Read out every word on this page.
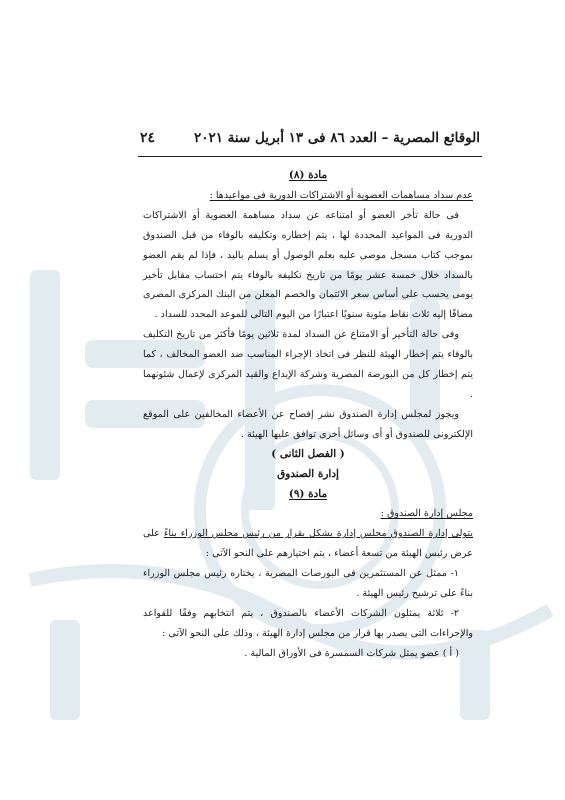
الوقائع المصرية – العدد ٨٦ فى ١٣ أبريل سنة ٢٠٢١
٢٤

مادة (٨)

عدم سداد مساهمات العضوية أو الاشتراكات الدورية فى مواعيدها :

فى حالة تأخر العضو أو امتناعه عن سداد مساهمة العضوية أو الاشتراكات الدورية فى المواعيد المحددة لها ، يتم إخطاره وتكليفه بالوفاء من قبل الصندوق بموجب كتاب مسجل موصى عليه بعلم الوصول أو يسلم باليد ، فإذا لم يقم العضو بالسداد خلال خمسة عشر يومًا من تاريخ تكليفه بالوفاء يتم احتساب مقابل تأخير يومى يحسب على أساس سعر الائتمان والخصم المعلن من البنك المركزى المصرى مضافًا إليه ثلاث نقاط مئوية سنويًا اعتبارًا من اليوم التالى للموعد المحدد للسداد .

وفى حالة التأخير أو الامتناع عن السداد لمدة ثلاثين يومًا فأكثر من تاريخ التكليف بالوفاء يتم إخطار الهيئة للنظر فى اتخاذ الإجراء المناسب ضد العضو المخالف ، كما يتم إخطار كل من البورصة المصرية وشركة الإيداع والقيد المركزى لإعمال شئونهما .

ويجوز لمجلس إدارة الصندوق نشر إفصاح عن الأعضاء المخالفين على الموقع الإلكترونى للصندوق أو أى وسائل أخرى توافق عليها الهيئة .

( الفصل الثانى )

إدارة الصندوق

مادة (٩)

مجلس إدارة الصندوق :

يتولى إدارة الصندوق مجلس إدارة يشكل بقرار من رئيس مجلس الوزراء بناءً على عرض رئيس الهيئة من تسعة أعضاء ، يتم اختيارهم على النحو الآتى :

١- ممثل عن المستثمرين فى البورصات المصرية ، يختاره رئيس مجلس الوزراء بناءً على ترشيح رئيس الهيئة .

٢- ثلاثة يمثلون الشركات الأعضاء بالصندوق ، يتم انتخابهم وفقًا للقواعد والإجراءات التى يصدر بها قرار من مجلس إدارة الهيئة ، وذلك على النحو الآتى :

( أ ) عضو يمثل شركات السمسرة فى الأوراق المالية .
